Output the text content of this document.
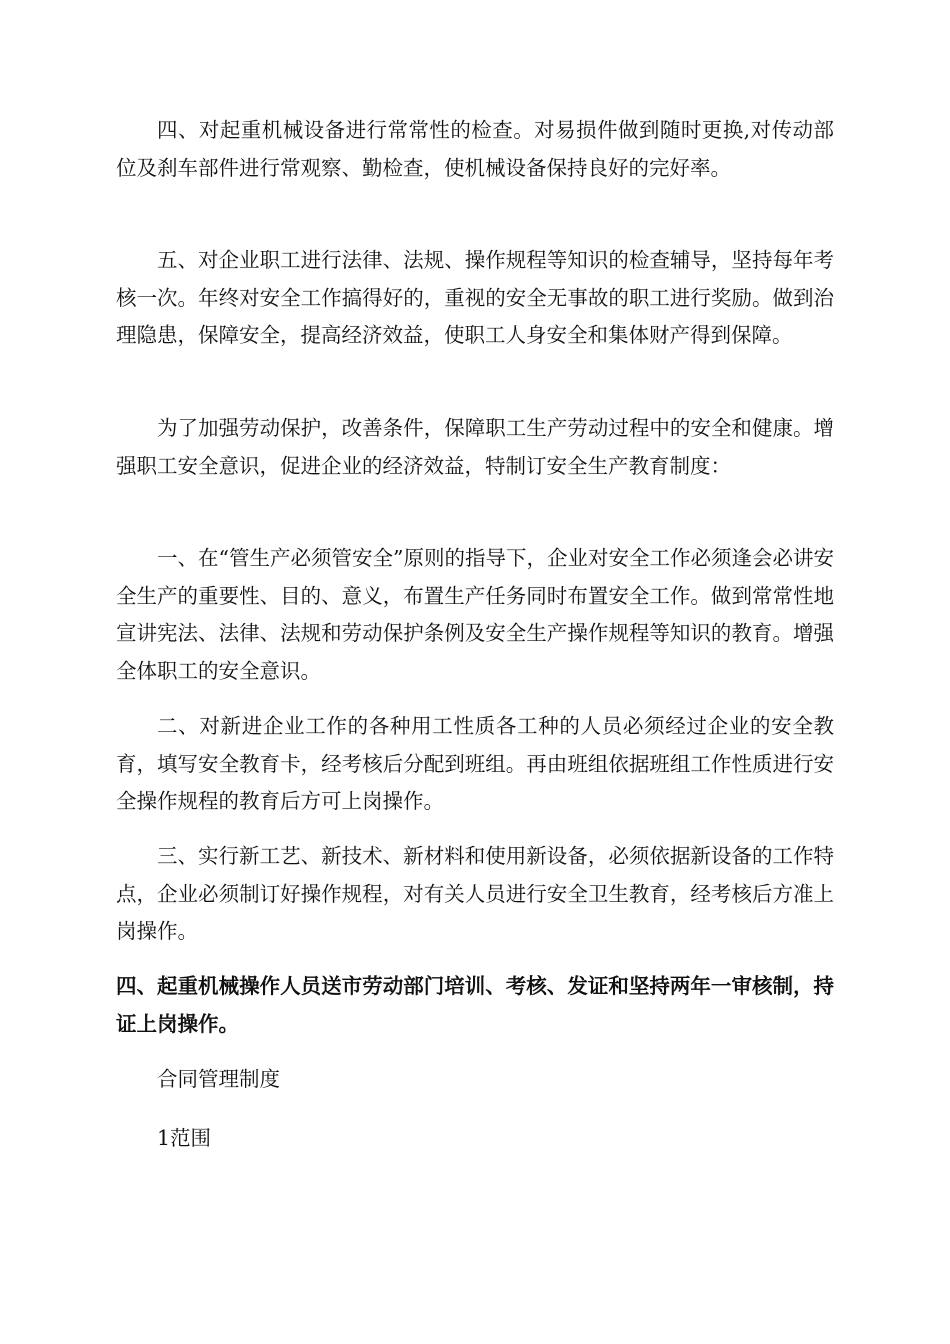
四、对起重机械设备进行常常性的检查。对易损件做到随时更换,对传动部位及刹车部件进行常观察、勤检查，使机械设备保持良好的完好率。

五、对企业职工进行法律、法规、操作规程等知识的检查辅导，坚持每年考核一次。年终对安全工作搞得好的，重视的安全无事故的职工进行奖励。做到治理隐患，保障安全，提高经济效益，使职工人身安全和集体财产得到保障。

为了加强劳动保护，改善条件，保障职工生产劳动过程中的安全和健康。增强职工安全意识，促进企业的经济效益，特制订安全生产教育制度：

一、在“管生产必须管安全”原则的指导下，企业对安全工作必须逢会必讲安全生产的重要性、目的、意义，布置生产任务同时布置安全工作。做到常常性地宣讲宪法、法律、法规和劳动保护条例及安全生产操作规程等知识的教育。增强全体职工的安全意识。

二、对新进企业工作的各种用工性质各工种的人员必须经过企业的安全教育，填写安全教育卡，经考核后分配到班组。再由班组依据班组工作性质进行安全操作规程的教育后方可上岗操作。

三、实行新工艺、新技术、新材料和使用新设备，必须依据新设备的工作特点，企业必须制订好操作规程，对有关人员进行安全卫生教育，经考核后方准上岗操作。

四、起重机械操作人员送市劳动部门培训、考核、发证和坚持两年一审核制，持证上岗操作。

合同管理制度

1范围
